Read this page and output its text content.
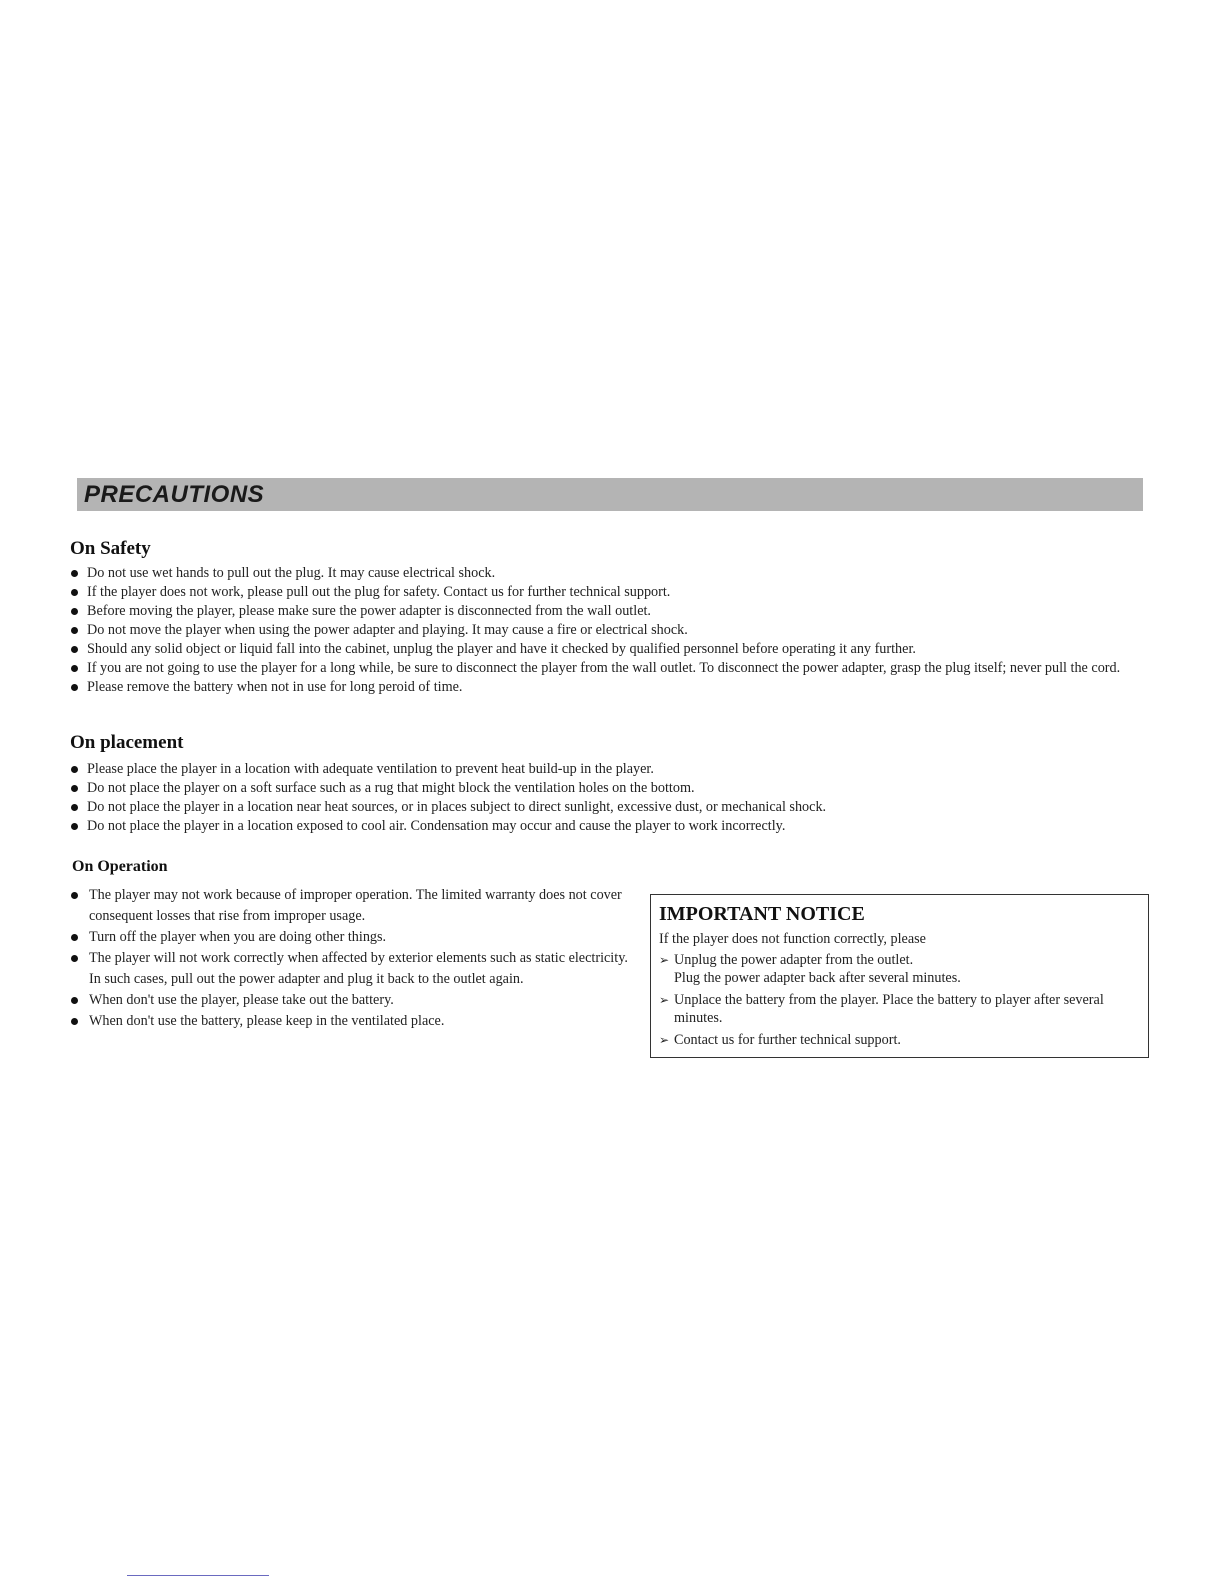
PRECAUTIONS
On Safety
Do not use wet hands to pull out the plug. It may cause electrical shock.
If the player does not work, please pull out the plug for safety. Contact us for further technical support.
Before moving the player, please make sure the power adapter is disconnected from the wall outlet.
Do not move the player when using the power adapter and playing. It may cause a fire or electrical shock.
Should any solid object or liquid fall into the cabinet, unplug the player and have it checked by qualified personnel before operating it any further.
If you are not going to use the player for a long while, be sure to disconnect the player from the wall outlet. To disconnect the power adapter, grasp the plug itself; never pull the cord.
Please remove the battery when not in use for long peroid of time.
On placement
Please place the player in a location with adequate ventilation to prevent heat build-up in the player.
Do not place the player on a soft surface such as a rug that might block the ventilation holes on the bottom.
Do not place the player in a location near heat sources, or in places subject to direct sunlight, excessive dust, or mechanical shock.
Do not place the player in a location exposed to cool air. Condensation may occur and cause the player to work incorrectly.
On Operation
The player may not work because of improper operation. The limited warranty does not cover consequent losses that rise from improper usage.
Turn off the player when you are doing other things.
The player will not work correctly when affected by exterior elements such as static electricity. In such cases, pull out the power adapter and plug it back to the outlet again.
When don't use the player, please take out the battery.
When don't use the battery, please keep in the ventilated place.
IMPORTANT NOTICE
If the player does not function correctly, please
➢ Unplug the power adapter from the outlet.
Plug the power adapter back after several minutes.
➢ Unplace the battery from the player. Place the battery to player after several minutes.
➢ Contact us for further technical support.
